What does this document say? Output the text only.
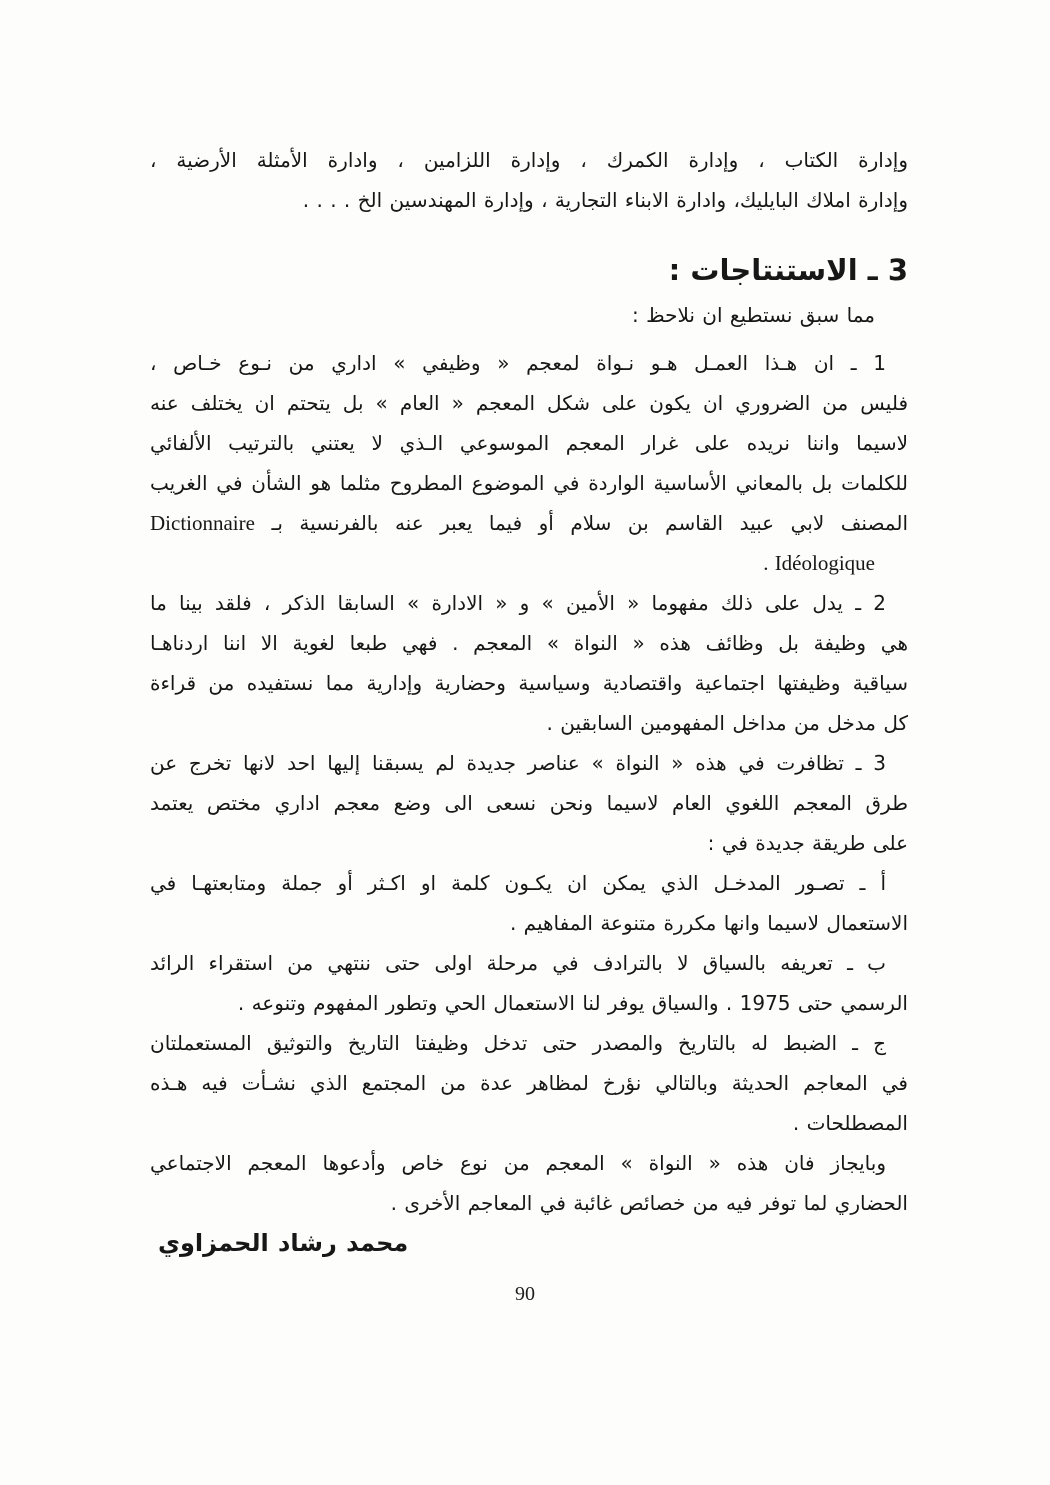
وإدارة الكتاب ، وإدارة الكمرك ، وإدارة اللزامين ، وادارة الأمثلة الأرضية ،
وإدارة املاك البايليك، وادارة الابناء التجارية ، وإدارة المهندسين الخ . . . .
3 ـ الاستنتاجات :
مما سبق نستطيع ان نلاحظ :
1 ـ ان هـذا العمـل هـو نـواة لمعجم « وظيفي » اداري من نـوع خـاص ،
فليس من الضروري ان يكون على شكل المعجم « العام » بل يتحتم ان يختلف عنه
لاسيما واننا نريده على غرار المعجم الموسوعي الـذي لا يعتني بالترتيب الألفائي
للكلمات بل بالمعاني الأساسية الواردة في الموضوع المطروح مثلما هو الشأن في الغريب
المصنف لابي عبيد القاسم بن سلام أو فيما يعبر عنه بالفرنسية بـ Dictionnaire
Idéologique .
2 ـ يدل على ذلك مفهوما « الأمين » و « الادارة » السابقا الذكر ، فلقد بينا ما
هي وظيفة بل وظائف هذه « النواة » المعجم . فهي طبعا لغوية الا اننا اردناهـا
سياقية وظيفتها اجتماعية واقتصادية وسياسية وحضارية وإدارية مما نستفيده من قراءة
كل مدخل من مداخل المفهومين السابقين .
3 ـ تظافرت في هذه « النواة » عناصر جديدة لم يسبقنا إليها احد لانها تخرج عن
طرق المعجم اللغوي العام لاسيما ونحن نسعى الى وضع معجم اداري مختص يعتمد
على طريقة جديدة في :
أ ـ تصـور المدخـل الذي يمكن ان يكـون كلمة او اكـثر أو جملة ومتابعتهـا في
الاستعمال لاسيما وانها مكررة متنوعة المفاهيم .
ب ـ تعريفه بالسياق لا بالترادف في مرحلة اولى حتى ننتهي من استقراء الرائد
الرسمي حتى 1975 . والسياق يوفر لنا الاستعمال الحي وتطور المفهوم وتنوعه .
ج ـ الضبط له بالتاريخ والمصدر حتى تدخل وظيفتا التاريخ والتوثيق المستعملتان
في المعاجم الحديثة وبالتالي نؤرخ لمظاهر عدة من المجتمع الذي نشـأت فيه هـذه
المصطلحات .
وبايجاز فان هذه « النواة » المعجم من نوع خاص وأدعوها المعجم الاجتماعي
الحضاري لما توفر فيه من خصائص غائبة في المعاجم الأخرى .
محمد رشاد الحمزاوي
90
